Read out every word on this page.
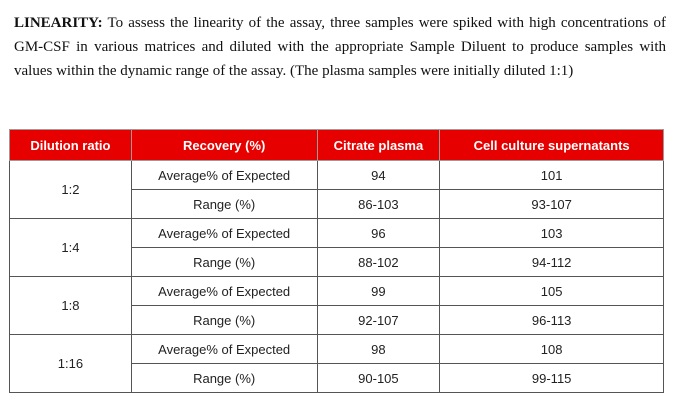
LINEARITY: To assess the linearity of the assay, three samples were spiked with high concentrations of GM-CSF in various matrices and diluted with the appropriate Sample Diluent to produce samples with values within the dynamic range of the assay. (The plasma samples were initially diluted 1:1)

Dilution ratio	Recovery (%)	Citrate plasma	Cell culture supernatants
1:2	Average% of Expected	94	101
	Range (%)	86-103	93-107
1:4	Average% of Expected	96	103
	Range (%)	88-102	94-112
1:8	Average% of Expected	99	105
	Range (%)	92-107	96-113
1:16	Average% of Expected	98	108
	Range (%)	90-105	99-115
